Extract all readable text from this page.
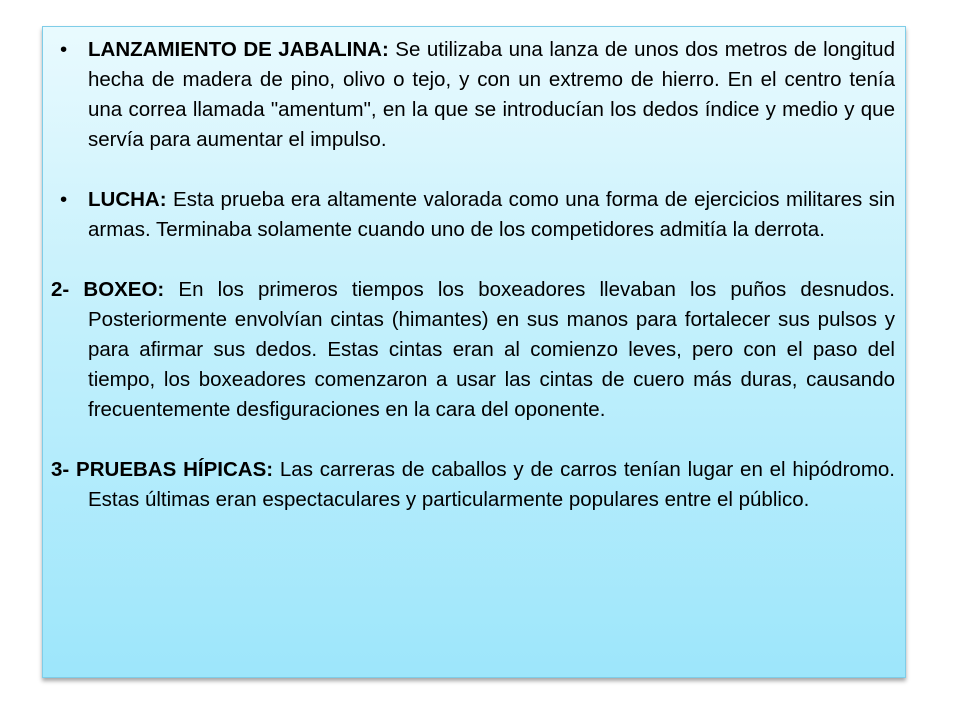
• LANZAMIENTO DE JABALINA: Se utilizaba una lanza de unos dos metros de longitud hecha de madera de pino, olivo o tejo, y con un extremo de hierro. En el centro tenía una correa llamada "amentum", en la que se introducían los dedos índice y medio y que servía para aumentar el impulso.

• LUCHA: Esta prueba era altamente valorada como una forma de ejercicios militares sin armas. Terminaba solamente cuando uno de los competidores admitía la derrota.

2- BOXEO: En los primeros tiempos los boxeadores llevaban los puños desnudos. Posteriormente envolvían cintas (himantes) en sus manos para fortalecer sus pulsos y para afirmar sus dedos. Estas cintas eran al comienzo leves, pero con el paso del tiempo, los boxeadores comenzaron a usar las cintas de cuero más duras, causando frecuentemente desfiguraciones en la cara del oponente.

3- PRUEBAS HÍPICAS: Las carreras de caballos y de carros tenían lugar en el hipódromo. Estas últimas eran espectaculares y particularmente populares entre el público.
